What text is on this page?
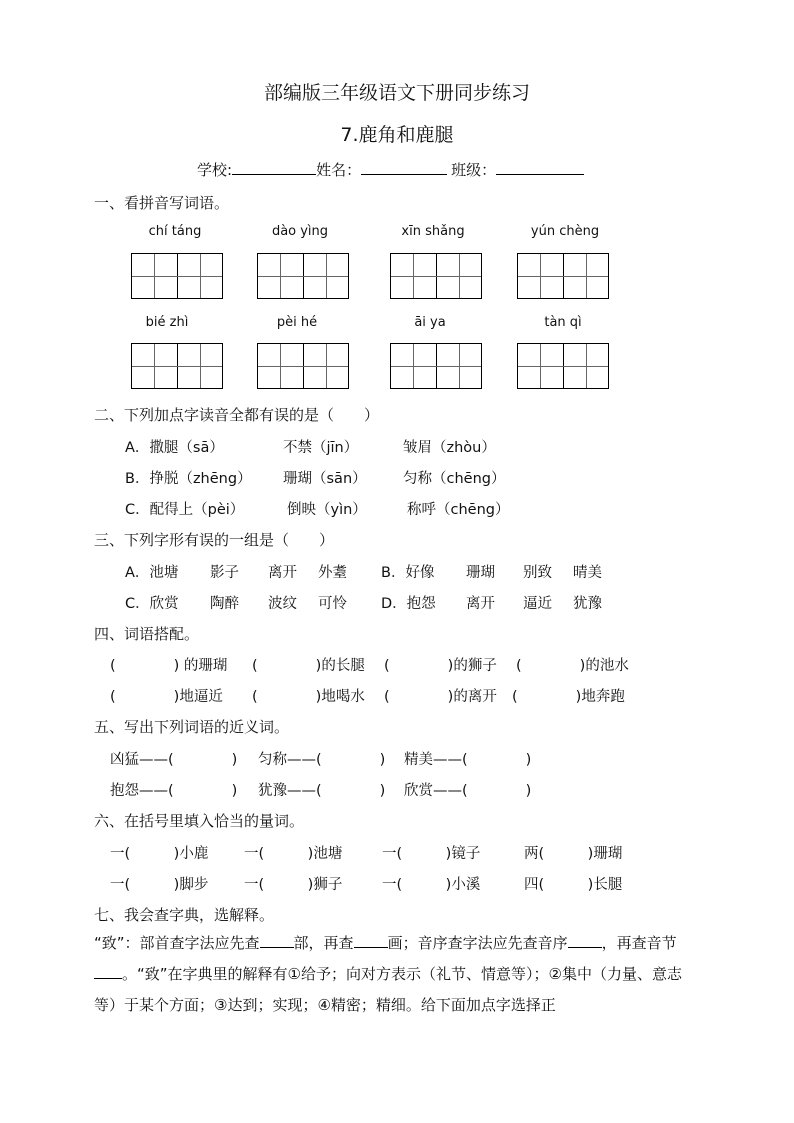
部编版三年级语文下册同步练习
7.鹿角和鹿腿
学校:	姓名：	班级：
一、看拼音写词语。
chí táng	dào yìng	xīn shǎng	yún chèng
bié zhì	pèi hé	āi ya	tàn qì
二、下列加点字读音全都有误的是（　　）
A．撒腿（sā）	不禁（jīn）	皱眉（zhòu）
B．挣脱（zhēng） 珊瑚（sān）	匀称（chēng）
C．配得上（pèi）	倒映（yìn）	称呼（chēng）
三、下列字形有误的一组是（　　）
A．池塘 影子 离开 外耋 B．好像 珊瑚 别致 晴美
C．欣赏 陶醉 波纹 可怜 D．抱怨 离开 逼近 犹豫
四、词语搭配。
(　　　　) 的珊瑚 (　　　　)的长腿 (　　　　)的狮子 (　　　　)的池水
(　　　　)地逼近 (　　　　)地喝水 (　　　　)的离开 (　　　　)地奔跑
五、写出下列词语的近义词。
凶猛——(　　　　) 匀称——(　　　　) 精美——(　　　　)
抱怨——(　　　　) 犹豫——(　　　　) 欣赏——(　　　　)
六、在括号里填入恰当的量词。
一(　　　)小鹿 一(　　　)池塘	一(　　　)镜子	两(　　　)珊瑚
一(　　　)脚步 一(　　　)狮子	一(　　　)小溪	四(　　　)长腿
七、我会查字典，选解释。
“致”：部首查字法应先查 部，再查 画；音序查字法应先查音序 ，再查音节。“致”在字典里的解释有①给予；向对方表示（礼节、情意等）；②集中（力量、意志等）于某个方面；③达到；实现；④精密；精细。给下面加点字选择正
